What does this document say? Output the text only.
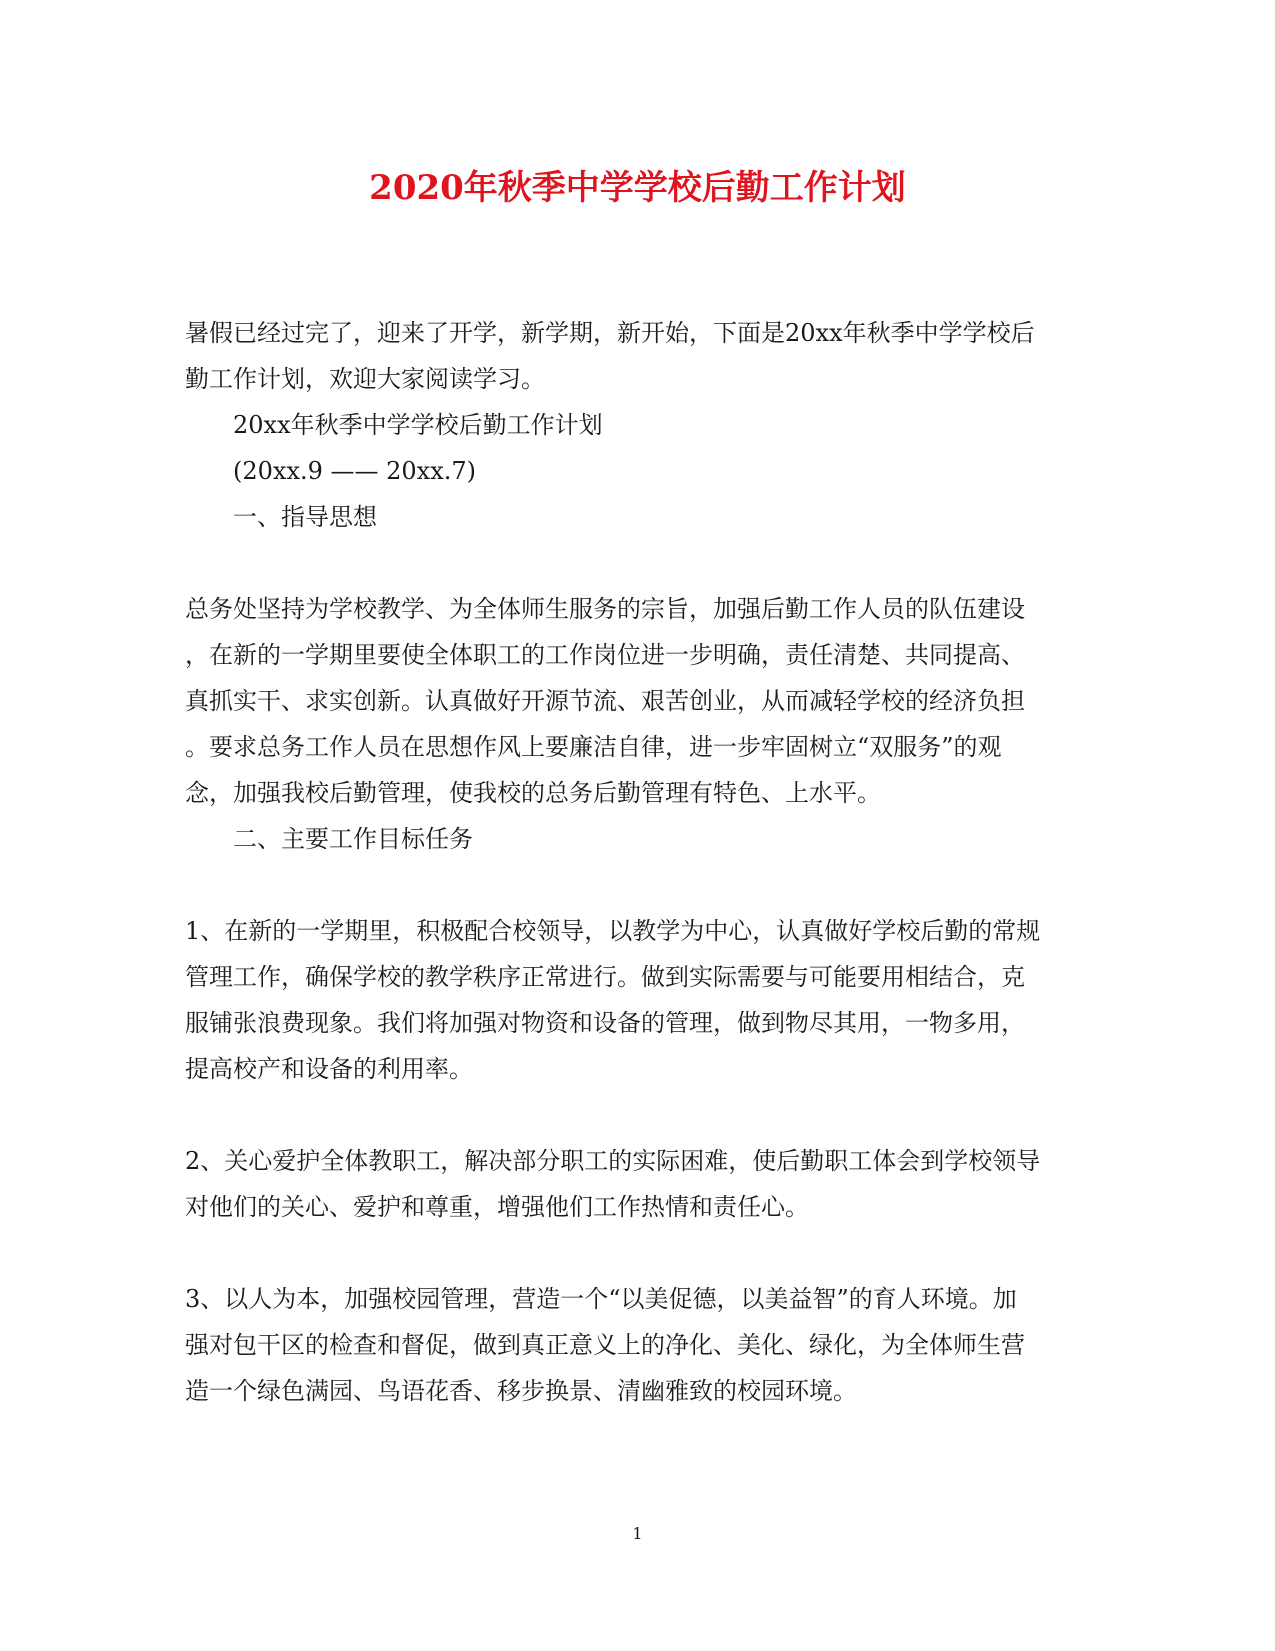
2020年秋季中学学校后勤工作计划

暑假已经过完了，迎来了开学，新学期，新开始，下面是20xx年秋季中学学校后

勤工作计划，欢迎大家阅读学习。

20xx年秋季中学学校后勤工作计划

(20xx.9 —— 20xx.7)

一、指导思想

总务处坚持为学校教学、为全体师生服务的宗旨，加强后勤工作人员的队伍建设

，在新的一学期里要使全体职工的工作岗位进一步明确，责任清楚、共同提高、

真抓实干、求实创新。认真做好开源节流、艰苦创业，从而减轻学校的经济负担

。要求总务工作人员在思想作风上要廉洁自律，进一步牢固树立“双服务”的观

念，加强我校后勤管理，使我校的总务后勤管理有特色、上水平。

二、主要工作目标任务

1、在新的一学期里，积极配合校领导，以教学为中心，认真做好学校后勤的常规

管理工作，确保学校的教学秩序正常进行。做到实际需要与可能要用相结合，克

服铺张浪费现象。我们将加强对物资和设备的管理，做到物尽其用，一物多用，

提高校产和设备的利用率。

2、关心爱护全体教职工，解决部分职工的实际困难，使后勤职工体会到学校领导

对他们的关心、爱护和尊重，增强他们工作热情和责任心。

3、以人为本，加强校园管理，营造一个“以美促德，以美益智”的育人环境。加

强对包干区的检查和督促，做到真正意义上的净化、美化、绿化，为全体师生营

造一个绿色满园、鸟语花香、移步换景、清幽雅致的校园环境。

1
